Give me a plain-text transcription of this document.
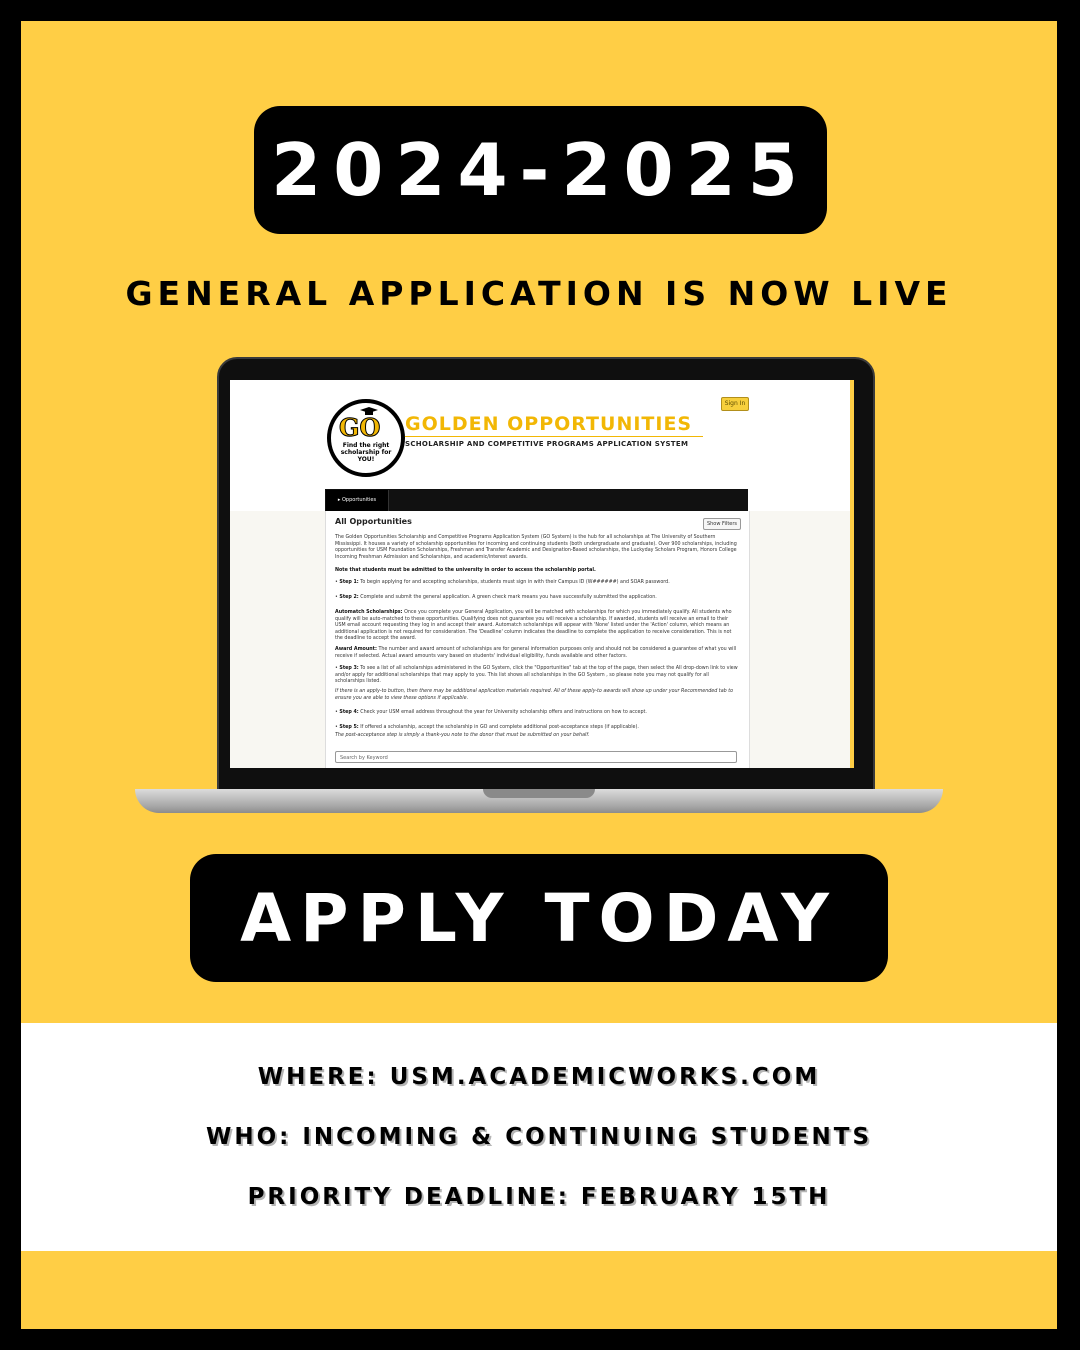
2024-2025
GENERAL APPLICATION IS NOW LIVE
Sign In
GO
Find the right scholarship for YOU!
GOLDEN OPPORTUNITIES
SCHOLARSHIP AND COMPETITIVE PROGRAMS APPLICATION SYSTEM
▸ Opportunities
All Opportunities	Show Filters
The Golden Opportunities Scholarship and Competitive Programs Application System (GO System) is the hub for all scholarships at The University of Southern Mississippi. It houses a variety of scholarship opportunities for incoming and continuing students (both undergraduate and graduate). Over 900 scholarships, including opportunities for USM Foundation Scholarships, Freshman and Transfer Academic and Designation-Based scholarships, the Luckyday Scholars Program, Honors College Incoming Freshman Admission and Scholarships, and academic/interest awards.
Note that students must be admitted to the university in order to access the scholarship portal.
• Step 1: To begin applying for and accepting scholarships, students must sign in with their Campus ID (W######) and SOAR password.
• Step 2: Complete and submit the general application. A green check mark means you have successfully submitted the application.
Automatch Scholarships: Once you complete your General Application, you will be matched with scholarships for which you immediately qualify. All students who qualify will be auto-matched to these opportunities. Qualifying does not guarantee you will receive a scholarship. If awarded, students will receive an email to their USM email account requesting they log in and accept their award. Automatch scholarships will appear with 'None' listed under the 'Action' column, which means an additional application is not required for consideration. The 'Deadline' column indicates the deadline to complete the application to receive consideration. This is not the deadline to accept the award.
Award Amount: The number and award amount of scholarships are for general information purposes only and should not be considered a guarantee of what you will receive if selected. Actual award amounts vary based on students' individual eligibility, funds available and other factors.
• Step 3: To see a list of all scholarships administered in the GO System, click the "Opportunities" tab at the top of the page, then select the All drop-down link to view and/or apply for additional scholarships that may apply to you. This list shows all scholarships in the GO System , so please note you may not qualify for all scholarships listed.
If there is an apply-to button, then there may be additional application materials required. All of these apply-to awards will show up under your Recommended tab to ensure you are able to view these options if applicable.
• Step 4: Check your USM email address throughout the year for University scholarship offers and instructions on how to accept.
• Step 5: If offered a scholarship, accept the scholarship in GO and complete additional post-acceptance steps (if applicable).
The post-acceptance step is simply a thank-you note to the donor that must be submitted on your behalf.
Search by Keyword
APPLY TODAY
WHERE: USM.ACADEMICWORKS.COM
WHO: INCOMING & CONTINUING STUDENTS
PRIORITY DEADLINE: FEBRUARY 15TH
